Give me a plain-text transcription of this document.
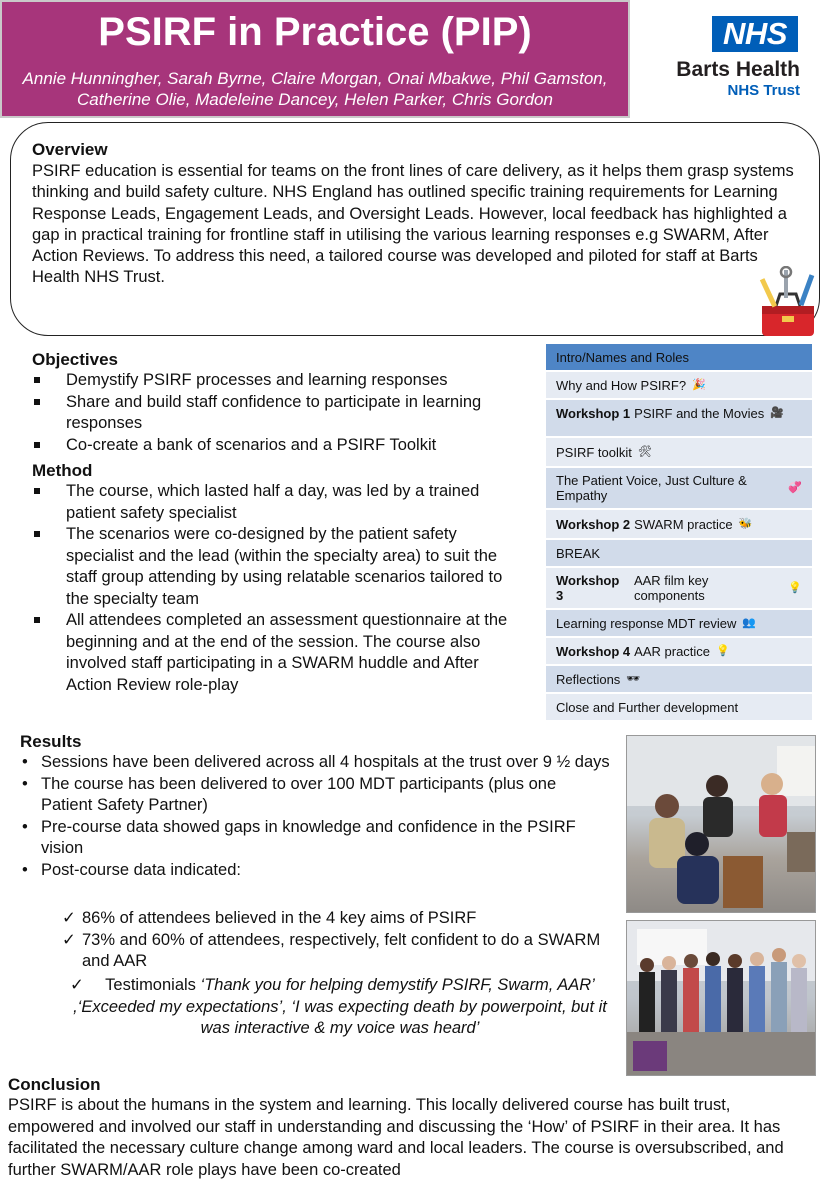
PSIRF in Practice (PIP)
Annie Hunningher, Sarah Byrne, Claire Morgan, Onai Mbakwe, Phil Gamston, Catherine Olie, Madeleine Dancey, Helen Parker, Chris Gordon
NHS
Barts Health
NHS Trust
Overview
PSIRF education is essential for teams on the front lines of care delivery, as it helps them grasp systems thinking and build safety culture. NHS England has outlined specific training requirements for Learning Response Leads, Engagement Leads, and Oversight Leads. However, local feedback has highlighted a gap in practical training for frontline staff in utilising the various learning responses e.g SWARM, After Action Reviews. To address this need, a tailored course was developed and piloted for staff at Barts Health NHS Trust.
Objectives
Demystify PSIRF processes and learning responses
Share and build staff confidence to participate in learning responses
Co-create a bank of scenarios and a PSIRF Toolkit
Method
The course, which lasted half a day, was led by a trained patient safety specialist
The scenarios were co-designed by the patient safety specialist and the lead (within the specialty area) to suit the staff group attending by using relatable scenarios tailored to the specialty team
All attendees completed an assessment questionnaire at the beginning and at the end of the session. The course also involved staff participating in a SWARM huddle and After Action Review role-play
Intro/Names and Roles
Why and How PSIRF? 🎉
Workshop 1 PSIRF and the Movies 🎥
PSIRF toolkit 🛠
The Patient Voice, Just Culture & Empathy
💞
Workshop 2 SWARM practice 🐝
BREAK
Workshop 3
AAR film key components
💡
Learning response MDT review 👥
Workshop 4 AAR practice 💡
Reflections 🕶
Close and Further development
Results
• Sessions have been delivered across all 4 hospitals at the trust over 9 ½ days
• The course has been delivered to over 100 MDT participants (plus one Patient Safety Partner)
• Pre-course data showed gaps in knowledge and confidence in the PSIRF vision
• Post-course data indicated:
✓ 86% of attendees believed in the 4 key aims of PSIRF
✓ 73% and 60% of attendees, respectively, felt confident to do a SWARM and AAR
✓	Testimonials ‘Thank you for helping demystify PSIRF, Swarm, AAR’ ,‘Exceeded my expectations’, ‘I was expecting death by powerpoint, but it was interactive & my voice was heard’
Conclusion
PSIRF is about the humans in the system and learning. This locally delivered course has built trust, empowered and involved our staff in understanding and discussing the ‘How’ of PSIRF in their area. It has facilitated the necessary culture change among ward and local leaders. The course is oversubscribed, and further SWARM/AAR role plays have been co-created
